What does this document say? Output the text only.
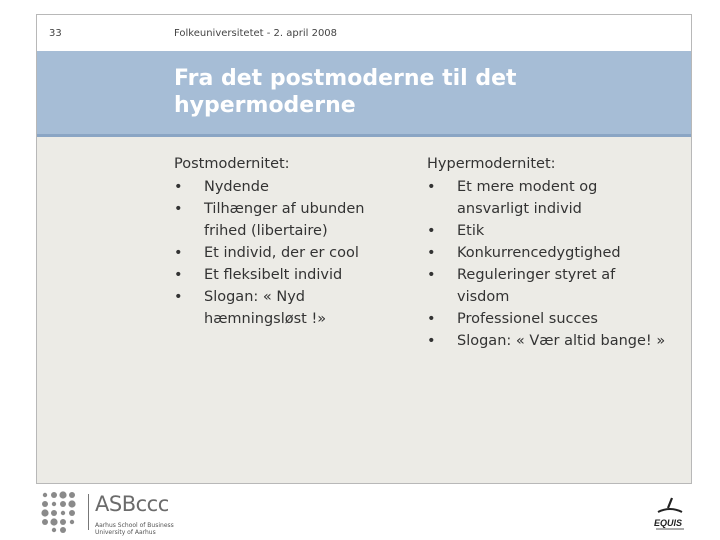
33	Folkeuniversitetet - 2. april 2008
Fra det postmoderne til det hypermoderne

Postmodernitet:

• Nydende
• Tilhænger af ubunden frihed (libertaire)
• Et individ, der er cool
• Et fleksibelt individ
• Slogan: « Nyd hæmningsløst !»

Hypermodernitet:

• Et mere modent og ansvarligt individ
• Etik
• Konkurrencedygtighed
• Reguleringer styret af visdom
• Professionel succes
• Slogan: « Vær altid bange! »
ASBccc
Aarhus School of Business
University of Aarhus
EQUIS
